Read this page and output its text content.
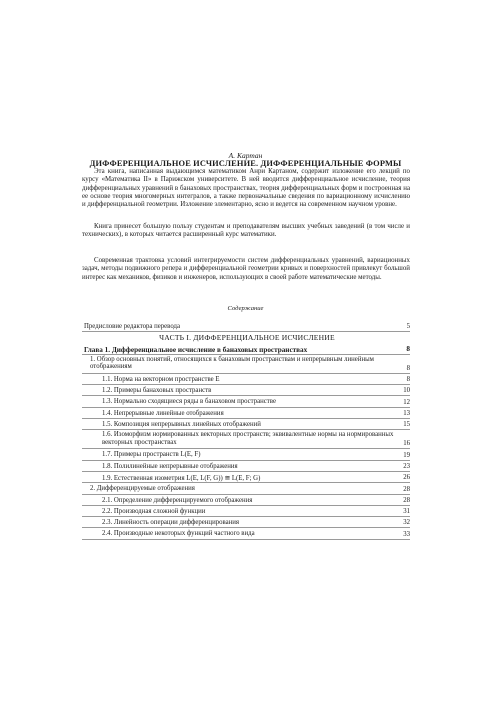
А. Картан
ДИФФЕРЕНЦИАЛЬНОЕ ИСЧИСЛЕНИЕ. ДИФФЕРЕНЦИАЛЬНЫЕ ФОРМЫ

Эта книга, написанная выдающимся математиком Анри Картаном, содержит изложение его лекций по курсу «Математика II» в Парижском университете. В ней вводится дифференциальное исчисление, теория дифференциальных уравнений в банаховых пространствах, теория дифференциальных форм и построенная на ее основе теория многомерных интегралов, а также первоначальные сведения по вариационному исчислению и дифференциальной геометрии. Изложение элементарно, ясно и ведется на современном научном уровне.

Книга принесет большую пользу студентам и преподавателям высших учебных заведений (в том числе и технических), в которых читается расширенный курс математики.

Современная трактовка условий интегрируемости систем дифференциальных уравнений, вариационных задач, методы подвижного репера и дифференциальной геометрии кривых и поверхностей привлекут большой интерес как механиков, физиков и инженеров, использующих в своей работе математические методы.

Содержание
Предисловие редактора перевода	5
ЧАСТЬ I. ДИФФЕРЕНЦИАЛЬНОЕ ИСЧИСЛЕНИЕ
Глава 1. Дифференциальное исчисление в банаховых пространствах	8
1. Обзор основных понятий, относящихся к банаховым пространствам и непрерывным линейным отображениям	8
1.1. Норма на векторном пространстве E	8
1.2. Примеры банаховых пространств	10
1.3. Нормально сходящиеся ряды в банаховом пространстве	12
1.4. Непрерывные линейные отображения	13
1.5. Композиция непрерывных линейных отображений	15
1.6. Изоморфизм нормированных векторных пространств; эквивалентные нормы на нормированных векторных пространствах	16
1.7. Примеры пространств L(E, F)	19
1.8. Полилинейные непрерывные отображения	23
1.9. Естественная изометрия L(E, L(F, G)) ≅ L(E, F; G)	26
2. Дифференцируемые отображения	28
2.1. Определение дифференцируемого отображения	28
2.2. Производная сложной функции	31
2.3. Линейность операции дифференцирования	32
2.4. Производные некоторых функций частного вида	33
